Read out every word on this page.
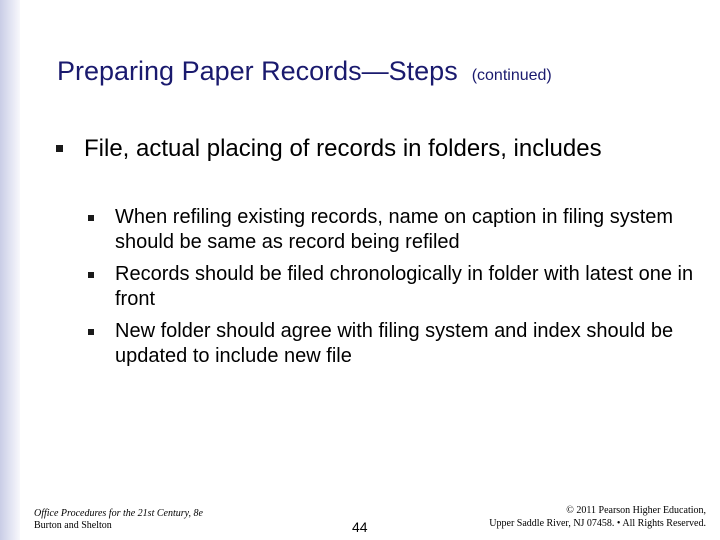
Preparing Paper Records—Steps (continued)
File, actual placing of records in folders, includes
When refiling existing records, name on caption in filing system should be same as record being refiled
Records should be filed chronologically in folder with latest one in front
New folder should agree with filing system and index should be updated to include new file
Office Procedures for the 21st Century, 8e
Burton and Shelton	44
© 2011 Pearson Higher Education,
Upper Saddle River, NJ 07458. • All Rights Reserved.
